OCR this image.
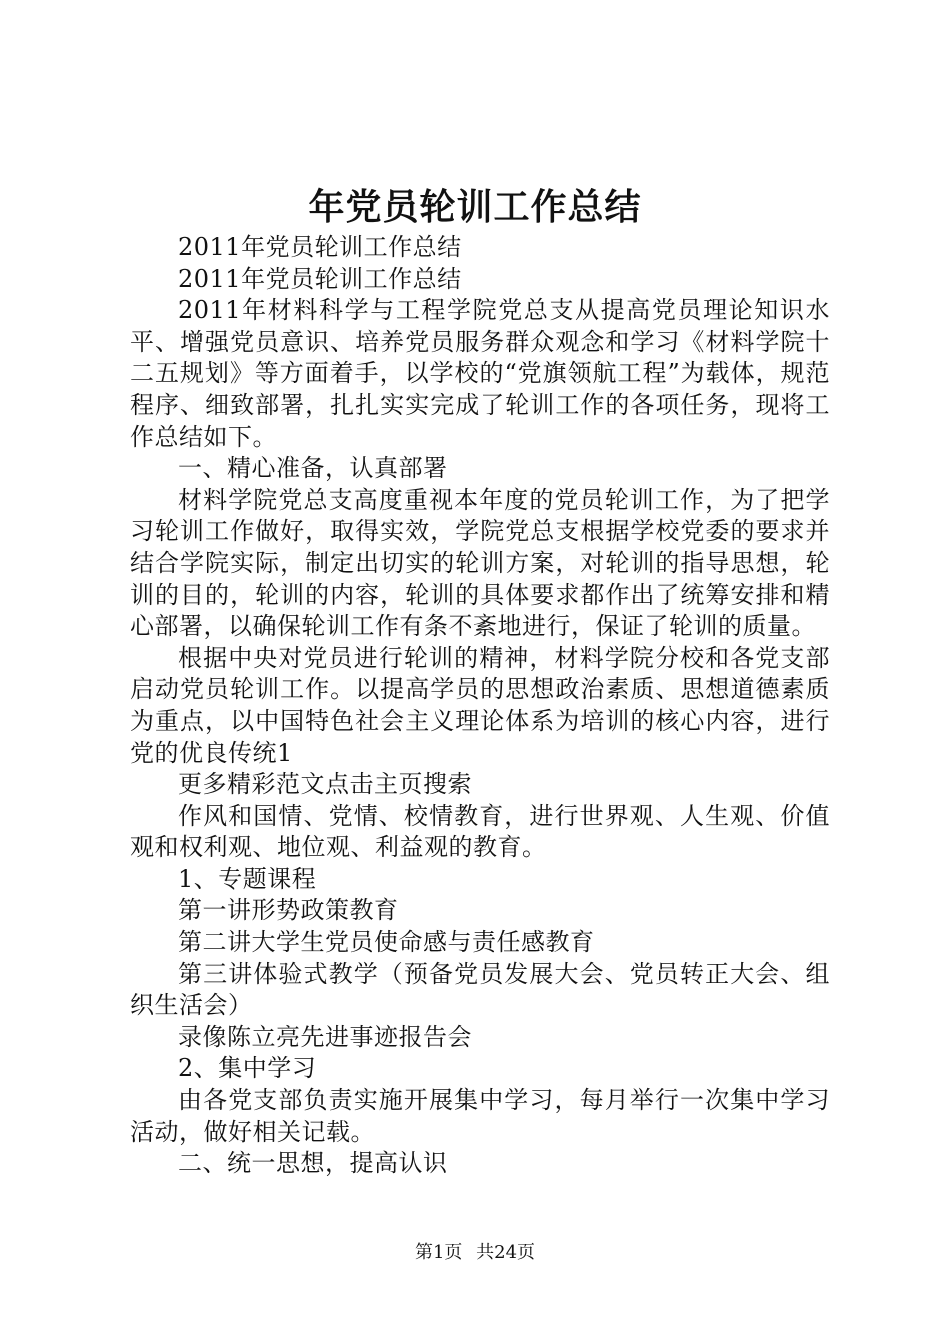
年党员轮训工作总结

2011年党员轮训工作总结

2011年党员轮训工作总结

2011年材料科学与工程学院党总支从提高党员理论知识水平、增强党员意识、培养党员服务群众观念和学习《材料学院十二五规划》等方面着手，以学校的“党旗领航工程”为载体，规范程序、细致部署，扎扎实实完成了轮训工作的各项任务，现将工作总结如下。

一、精心准备，认真部署

材料学院党总支高度重视本年度的党员轮训工作，为了把学习轮训工作做好，取得实效，学院党总支根据学校党委的要求并结合学院实际，制定出切实的轮训方案，对轮训的指导思想，轮训的目的，轮训的内容，轮训的具体要求都作出了统筹安排和精心部署，以确保轮训工作有条不紊地进行，保证了轮训的质量。

根据中央对党员进行轮训的精神，材料学院分校和各党支部启动党员轮训工作。以提高学员的思想政治素质、思想道德素质为重点，以中国特色社会主义理论体系为培训的核心内容，进行党的优良传统1

更多精彩范文点击主页搜索

作风和国情、党情、校情教育，进行世界观、人生观、价值观和权利观、地位观、利益观的教育。

1、专题课程

第一讲形势政策教育

第二讲大学生党员使命感与责任感教育

第三讲体验式教学（预备党员发展大会、党员转正大会、组织生活会）

录像陈立亮先进事迹报告会

2、集中学习

由各党支部负责实施开展集中学习，每月举行一次集中学习活动，做好相关记载。

二、统一思想，提高认识

第1页 共24页
